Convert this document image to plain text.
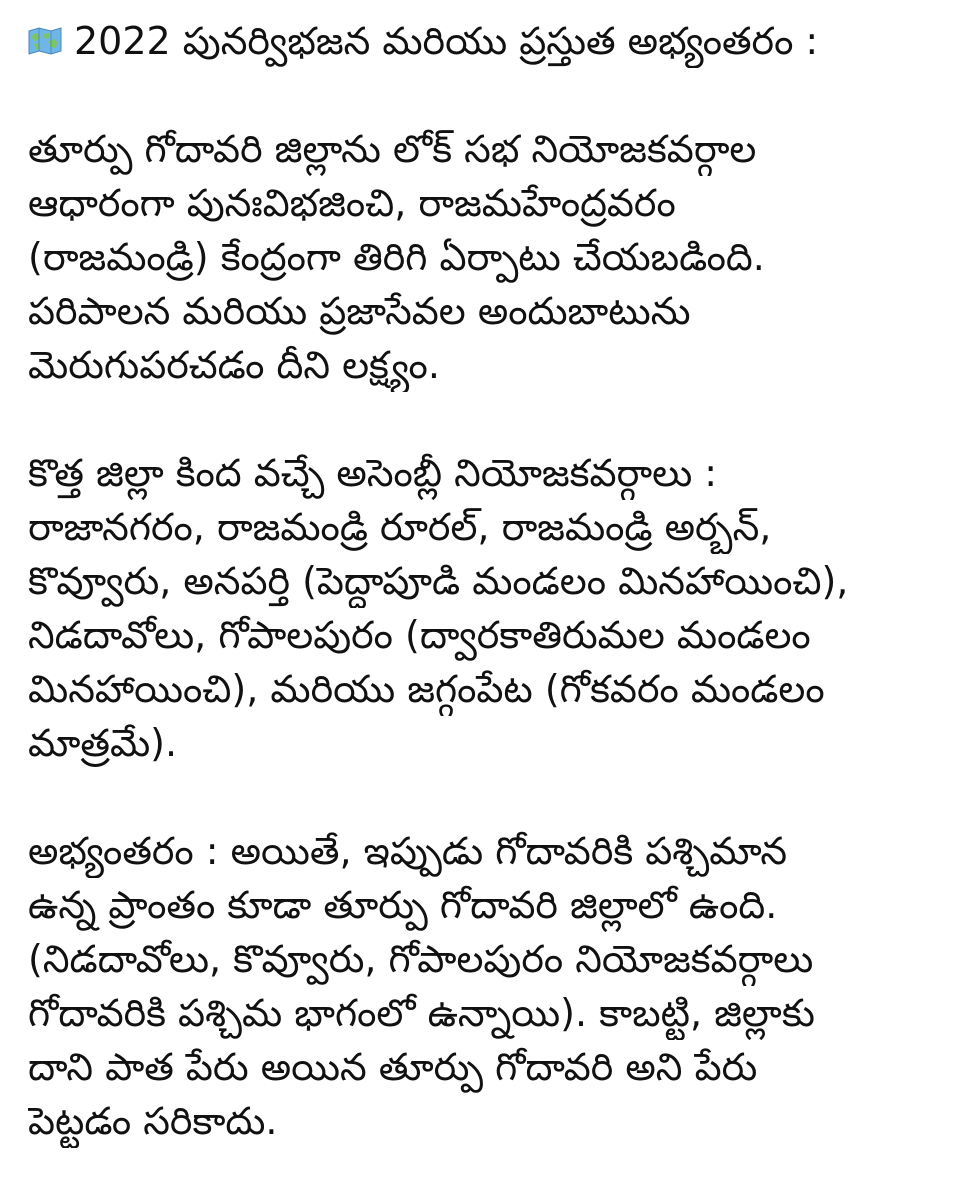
2022 పునర్విభజన మరియు ప్రస్తుత అభ్యంతరం :
తూర్పు గోదావరి జిల్లాను లోక్ సభ నియోజకవర్గాల
ఆధారంగా పునఃవిభజించి, రాజమహేంద్రవరం
(రాజమండ్రి) కేంద్రంగా తిరిగి ఏర్పాటు చేయబడింది.
పరిపాలన మరియు ప్రజాసేవల అందుబాటును
మెరుగుపరచడం దీని లక్ష్యం.
కొత్త జిల్లా కింద వచ్చే అసెంబ్లీ నియోజకవర్గాలు :
రాజానగరం, రాజమండ్రి రూరల్, రాజమండ్రి అర్బన్,
కొవ్వూరు, అనపర్తి (పెద్దాపూడి మండలం మినహాయించి),
నిడదావోలు, గోపాలపురం (ద్వారకాతిరుమల మండలం
మినహాయించి), మరియు జగ్గంపేట (గోకవరం మండలం
మాత్రమే).
అభ్యంతరం : అయితే, ఇప్పుడు గోదావరికి పశ్చిమాన
ఉన్న ప్రాంతం కూడా తూర్పు గోదావరి జిల్లాలో ఉంది.
(నిడదావోలు, కొవ్వూరు, గోపాలపురం నియోజకవర్గాలు
గోదావరికి పశ్చిమ భాగంలో ఉన్నాయి). కాబట్టి, జిల్లాకు
దాని పాత పేరు అయిన తూర్పు గోదావరి అని పేరు
పెట్టడం సరికాదు.
